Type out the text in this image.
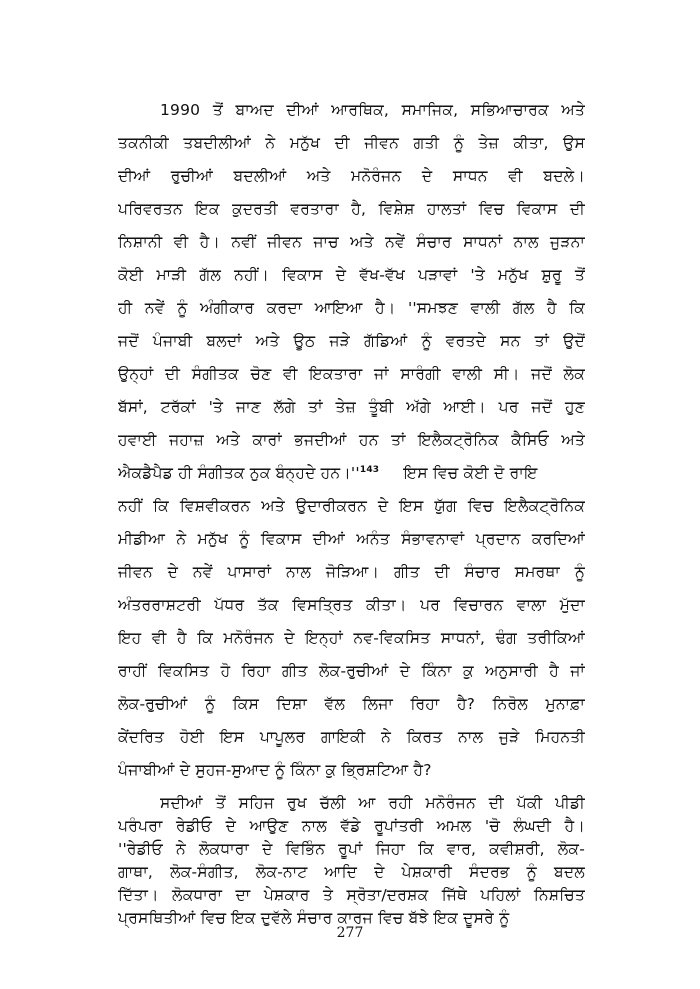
1990 ਤੋਂ ਬਾਅਦ ਦੀਆਂ ਆਰਥਿਕ, ਸਮਾਜਿਕ, ਸਭਿਆਚਾਰਕ ਅਤੇ
ਤਕਨੀਕੀ ਤਬਦੀਲੀਆਂ ਨੇ ਮਨੁੱਖ ਦੀ ਜੀਵਨ ਗਤੀ ਨੂੰ ਤੇਜ਼ ਕੀਤਾ, ਉਸ
ਦੀਆਂ ਰੁਚੀਆਂ ਬਦਲੀਆਂ ਅਤੇ ਮਨੋਰੰਜਨ ਦੇ ਸਾਧਨ ਵੀ ਬਦਲੇ।
ਪਰਿਵਰਤਨ ਇਕ ਕੁਦਰਤੀ ਵਰਤਾਰਾ ਹੈ, ਵਿਸ਼ੇਸ਼ ਹਾਲਤਾਂ ਵਿਚ ਵਿਕਾਸ ਦੀ
ਨਿਸ਼ਾਨੀ ਵੀ ਹੈ। ਨਵੀਂ ਜੀਵਨ ਜਾਚ ਅਤੇ ਨਵੇਂ ਸੰਚਾਰ ਸਾਧਨਾਂ ਨਾਲ ਜੁੜਨਾ
ਕੋਈ ਮਾੜੀ ਗੱਲ ਨਹੀਂ। ਵਿਕਾਸ ਦੇ ਵੱਖ-ਵੱਖ ਪੜਾਵਾਂ 'ਤੇ ਮਨੁੱਖ ਸ਼ੁਰੂ ਤੋਂ
ਹੀ ਨਵੇਂ ਨੂੰ ਅੰਗੀਕਾਰ ਕਰਦਾ ਆਇਆ ਹੈ। ''ਸਮਝਣ ਵਾਲੀ ਗੱਲ ਹੈ ਕਿ
ਜਦੋਂ ਪੰਜਾਬੀ ਬਲਦਾਂ ਅਤੇ ਊਠ ਜੜੇ ਗੱਡਿਆਂ ਨੂੰ ਵਰਤਦੇ ਸਨ ਤਾਂ ਉਦੋਂ
ਉਨ੍ਹਾਂ ਦੀ ਸੰਗੀਤਕ ਚੋਣ ਵੀ ਇਕਤਾਰਾ ਜਾਂ ਸਾਰੰਗੀ ਵਾਲੀ ਸੀ। ਜਦੋਂ ਲੋਕ
ਬੱਸਾਂ, ਟਰੱਕਾਂ 'ਤੇ ਜਾਣ ਲੱਗੇ ਤਾਂ ਤੇਜ਼ ਤੂੰਬੀ ਅੱਗੇ ਆਈ। ਪਰ ਜਦੋਂ ਹੁਣ
ਹਵਾਈ ਜਹਾਜ਼ ਅਤੇ ਕਾਰਾਂ ਭਜਦੀਆਂ ਹਨ ਤਾਂ ਇਲੈਕਟ੍ਰੋਨਿਕ ਕੈਸਿਓ ਅਤੇ
ਐਕਡੈਪੈਡ ਹੀ ਸੰਗੀਤਕ ਨੁਕ ਬੰਨ੍ਹਦੇ $ਹਨ।''^{143}$ ਇਸ ਵਿਚ ਕੋਈ ਦੋ ਰਾਇ
ਨਹੀਂ ਕਿ ਵਿਸ਼ਵੀਕਰਨ ਅਤੇ ਉਦਾਰੀਕਰਨ ਦੇ ਇਸ ਯੁੱਗ ਵਿਚ ਇਲੈਕਟ੍ਰੋਨਿਕ
ਮੀਡੀਆ ਨੇ ਮਨੁੱਖ ਨੂੰ ਵਿਕਾਸ ਦੀਆਂ ਅਨੰਤ ਸੰਭਾਵਨਾਵਾਂ ਪ੍ਰਦਾਨ ਕਰਦਿਆਂ
ਜੀਵਨ ਦੇ ਨਵੇਂ ਪਾਸਾਰਾਂ ਨਾਲ ਜੋੜਿਆ। ਗੀਤ ਦੀ ਸੰਚਾਰ ਸਮਰਥਾ ਨੂੰ
ਅੰਤਰਰਾਸ਼ਟਰੀ ਪੱਧਰ ਤੱਕ ਵਿਸਤ੍ਰਿਤ ਕੀਤਾ। ਪਰ ਵਿਚਾਰਨ ਵਾਲਾ ਮੁੱਦਾ
ਇਹ ਵੀ ਹੈ ਕਿ ਮਨੋਰੰਜਨ ਦੇ ਇਨ੍ਹਾਂ ਨਵ-ਵਿਕਸਿਤ ਸਾਧਨਾਂ, ਢੰਗ ਤਰੀਕਿਆਂ
ਰਾਹੀਂ ਵਿਕਸਿਤ ਹੋ ਰਿਹਾ ਗੀਤ ਲੋਕ-ਰੁਚੀਆਂ ਦੇ ਕਿੰਨਾ ਕੁ ਅਨੁਸਾਰੀ ਹੈ ਜਾਂ
ਲੋਕ-ਰੁਚੀਆਂ ਨੂੰ ਕਿਸ ਦਿਸ਼ਾ ਵੱਲ ਲਿਜਾ ਰਿਹਾ ਹੈ? ਨਿਰੋਲ ਮੁਨਾਫ਼ਾ
ਕੇਂਦਰਿਤ ਹੋਈ ਇਸ ਪਾਪੂਲਰ ਗਾਇਕੀ ਨੇ ਕਿਰਤ ਨਾਲ ਜੁੜੇ ਮਿਹਨਤੀ
ਪੰਜਾਬੀਆਂ ਦੇ ਸੁਹਜ-ਸੁਆਦ ਨੂੰ ਕਿੰਨਾ ਕੁ ਭ੍ਰਿਸ਼ਟਿਆ ਹੈ?
ਸਦੀਆਂ ਤੋਂ ਸਹਿਜ ਰੁਖ ਚੱਲੀ ਆ ਰਹੀ ਮਨੋਰੰਜਨ ਦੀ ਪੱਕੀ ਪੀਡੀ
ਪਰੰਪਰਾ ਰੇਡੀਓ ਦੇ ਆਉਣ ਨਾਲ ਵੱਡੇ ਰੂਪਾਂਤਰੀ ਅਮਲ 'ਚੋ ਲੰਘਦੀ ਹੈ।
''ਰੇਡੀਓ ਨੇ ਲੋਕਧਾਰਾ ਦੇ ਵਿਭਿੰਨ ਰੂਪਾਂ ਜਿਹਾ ਕਿ ਵਾਰ, ਕਵੀਸ਼ਰੀ, ਲੋਕ-
ਗਾਥਾ, ਲੋਕ-ਸੰਗੀਤ, ਲੋਕ-ਨਾਟ ਆਦਿ ਦੇ ਪੇਸ਼ਕਾਰੀ ਸੰਦਰਭ ਨੂੰ ਬਦਲ
ਦਿੱਤਾ। ਲੋਕਧਾਰਾ ਦਾ ਪੇਸ਼ਕਾਰ ਤੇ ਸ੍ਰੋਤਾ/ਦਰਸ਼ਕ ਜਿੱਥੇ ਪਹਿਲਾਂ ਨਿਸ਼ਚਿਤ
ਪ੍ਰਸਥਿਤੀਆਂ ਵਿਚ ਇਕ ਦੁਵੱਲੇ ਸੰਚਾਰ ਕਾਰਜ ਵਿਚ ਬੱਝੇ ਇਕ ਦੂਸਰੇ ਨੂੰ
277
